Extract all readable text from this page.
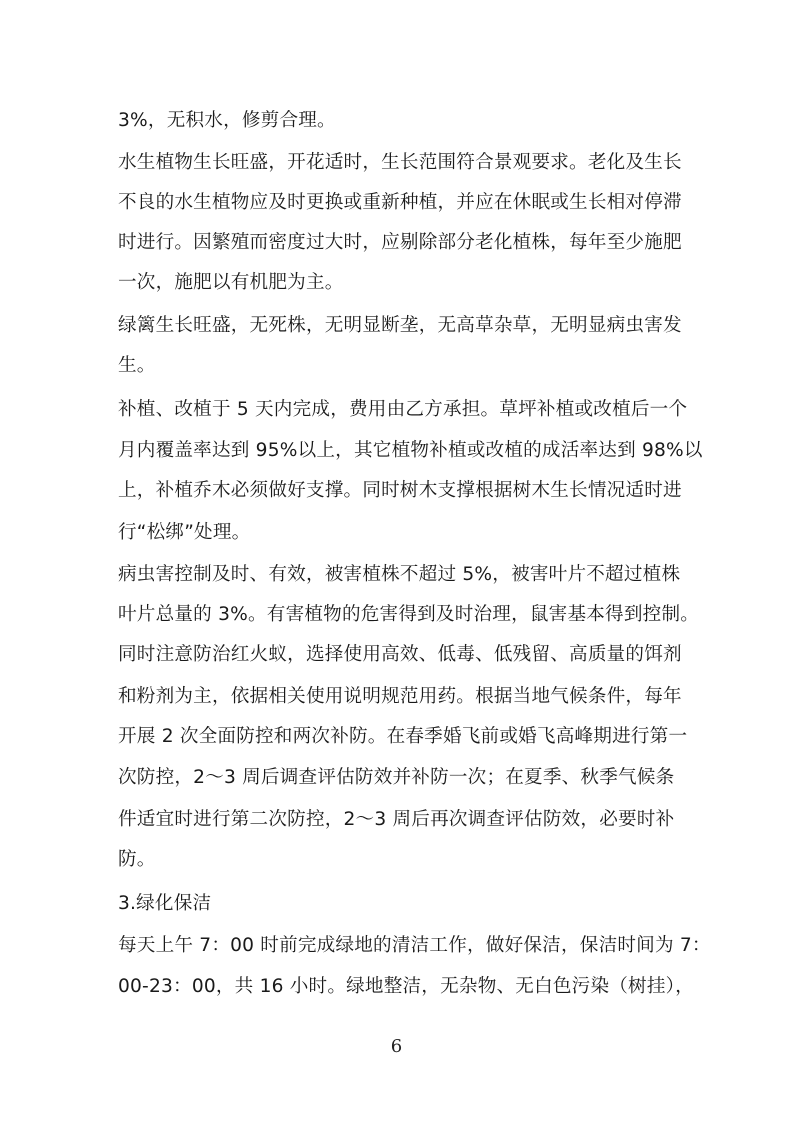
3%，无积水，修剪合理。
水生植物生长旺盛，开花适时，生长范围符合景观要求。老化及生长
不良的水生植物应及时更换或重新种植，并应在休眠或生长相对停滞
时进行。因繁殖而密度过大时，应剔除部分老化植株，每年至少施肥
一次，施肥以有机肥为主。
绿篱生长旺盛，无死株，无明显断垄，无高草杂草，无明显病虫害发
生。
补植、改植于 5 天内完成，费用由乙方承担。草坪补植或改植后一个
月内覆盖率达到 95%以上，其它植物补植或改植的成活率达到 98%以
上，补植乔木必须做好支撑。同时树木支撑根据树木生长情况适时进
行“松绑”处理。
病虫害控制及时、有效，被害植株不超过 5%，被害叶片不超过植株
叶片总量的 3%。有害植物的危害得到及时治理，鼠害基本得到控制。
同时注意防治红火蚁，选择使用高效、低毒、低残留、高质量的饵剂
和粉剂为主，依据相关使用说明规范用药。根据当地气候条件，每年
开展 2 次全面防控和两次补防。在春季婚飞前或婚飞高峰期进行第一
次防控，2～3 周后调查评估防效并补防一次；在夏季、秋季气候条
件适宜时进行第二次防控，2～3 周后再次调查评估防效，必要时补
防。
3.绿化保洁
每天上午 7：00 时前完成绿地的清洁工作，做好保洁，保洁时间为 7：
00-23：00，共 16 小时。绿地整洁，无杂物、无白色污染（树挂），
6
